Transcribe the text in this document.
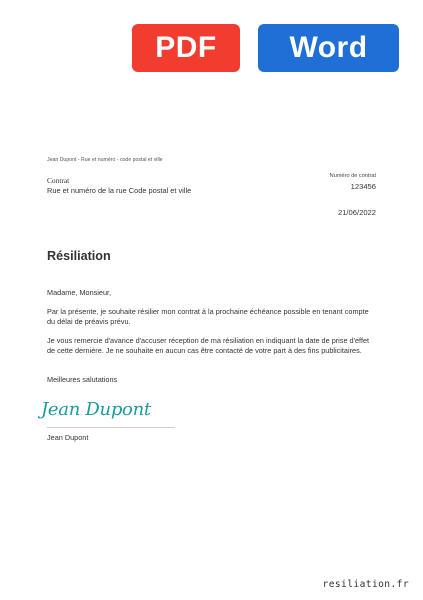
PDF	Word
Jean Dupont - Rue et numéro - code postal et ville
Contrat
Rue et numéro de la rue Code postal et ville
Numéro de contrat
123456
21/06/2022
Résiliation
Madame, Monsieur,
Par la présente, je souhaite résilier mon contrat à la prochaine échéance possible en tenant compte du délai de préavis prévu.
Je vous remercie d'avance d'accuser réception de ma résiliation en indiquant la date de prise d'effet de cette dernière. Je ne souhaite en aucun cas être contacté de votre part à des fins publicitaires.
Meilleures salutations
Jean Dupont
Jean Dupont
resiliation.fr
